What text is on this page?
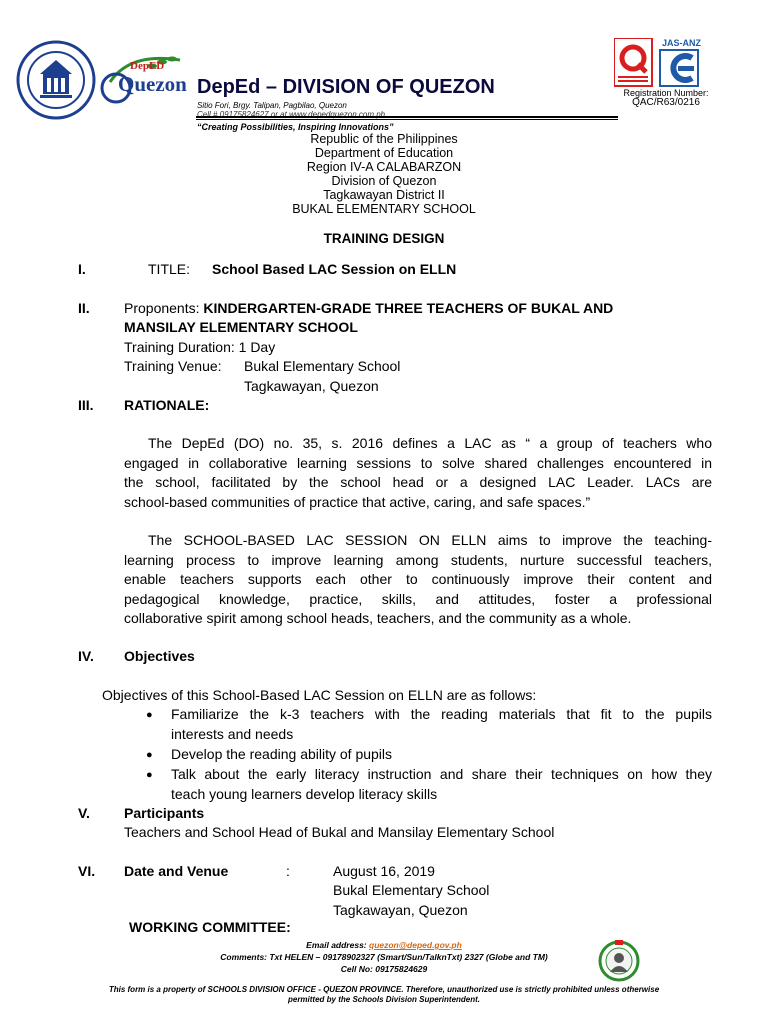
DepED
Quezon DepEd – DIVISION OF QUEZON
Sitio Fori, Brgy. Talipan, Pagbilao, Quezon
Cell # 09175824627 or at www.depedquezon.com.ph
“Creating Possibilities, Inspiring Innovations”
JAS-ANZ
Registration Number:
QAC/R63/0216
Republic of the Philippines
Department of Education
Region IV-A CALABARZON
Division of Quezon
Tagkawayan District II
BUKAL ELEMENTARY SCHOOL
TRAINING DESIGN
I.	TITLE: School Based LAC Session on ELLN
II. Proponents: KINDERGARTEN-GRADE THREE TEACHERS OF BUKAL AND
MANSILAY ELEMENTARY SCHOOL
Training Duration: 1 Day
Training Venue: Bukal Elementary School
Tagkawayan, Quezon
III. RATIONALE:
The DepEd (DO) no. 35, s. 2016 defines a LAC as “ a group of teachers who
engaged in collaborative learning sessions to solve shared challenges encountered in
the school, facilitated by the school head or a designed LAC Leader. LACs are
school-based communities of practice that active, caring, and safe spaces.”
The SCHOOL-BASED LAC SESSION ON ELLN aims to improve the teaching-
learning process to improve learning among students, nurture successful teachers,
enable teachers supports each other to continuously improve their content and
pedagogical knowledge, practice, skills, and attitudes, foster a professional
collaborative spirit among school heads, teachers, and the community as a whole.
IV. Objectives
Objectives of this School-Based LAC Session on ELLN are as follows:
●	Familiarize the k-3 teachers with the reading materials that fit to the pupils
interests and needs
●	Develop the reading ability of pupils
●	Talk about the early literacy instruction and share their techniques on how they
teach young learners develop literacy skills
V. Participants
Teachers and School Head of Bukal and Mansilay Elementary School
VI. Date and Venue	:	August 16, 2019
Bukal Elementary School
Tagkawayan, Quezon
WORKING COMMITTEE:
Email address: quezon@deped.gov.ph
Comments: Txt HELEN – 09178902327 (Smart/Sun/TalknTxt) 2327 (Globe and TM)
Cell No: 09175824629
This form is a property of SCHOOLS DIVISION OFFICE - QUEZON PROVINCE. Therefore, unauthorized use is strictly prohibited unless otherwise
permitted by the Schools Division Superintendent.
